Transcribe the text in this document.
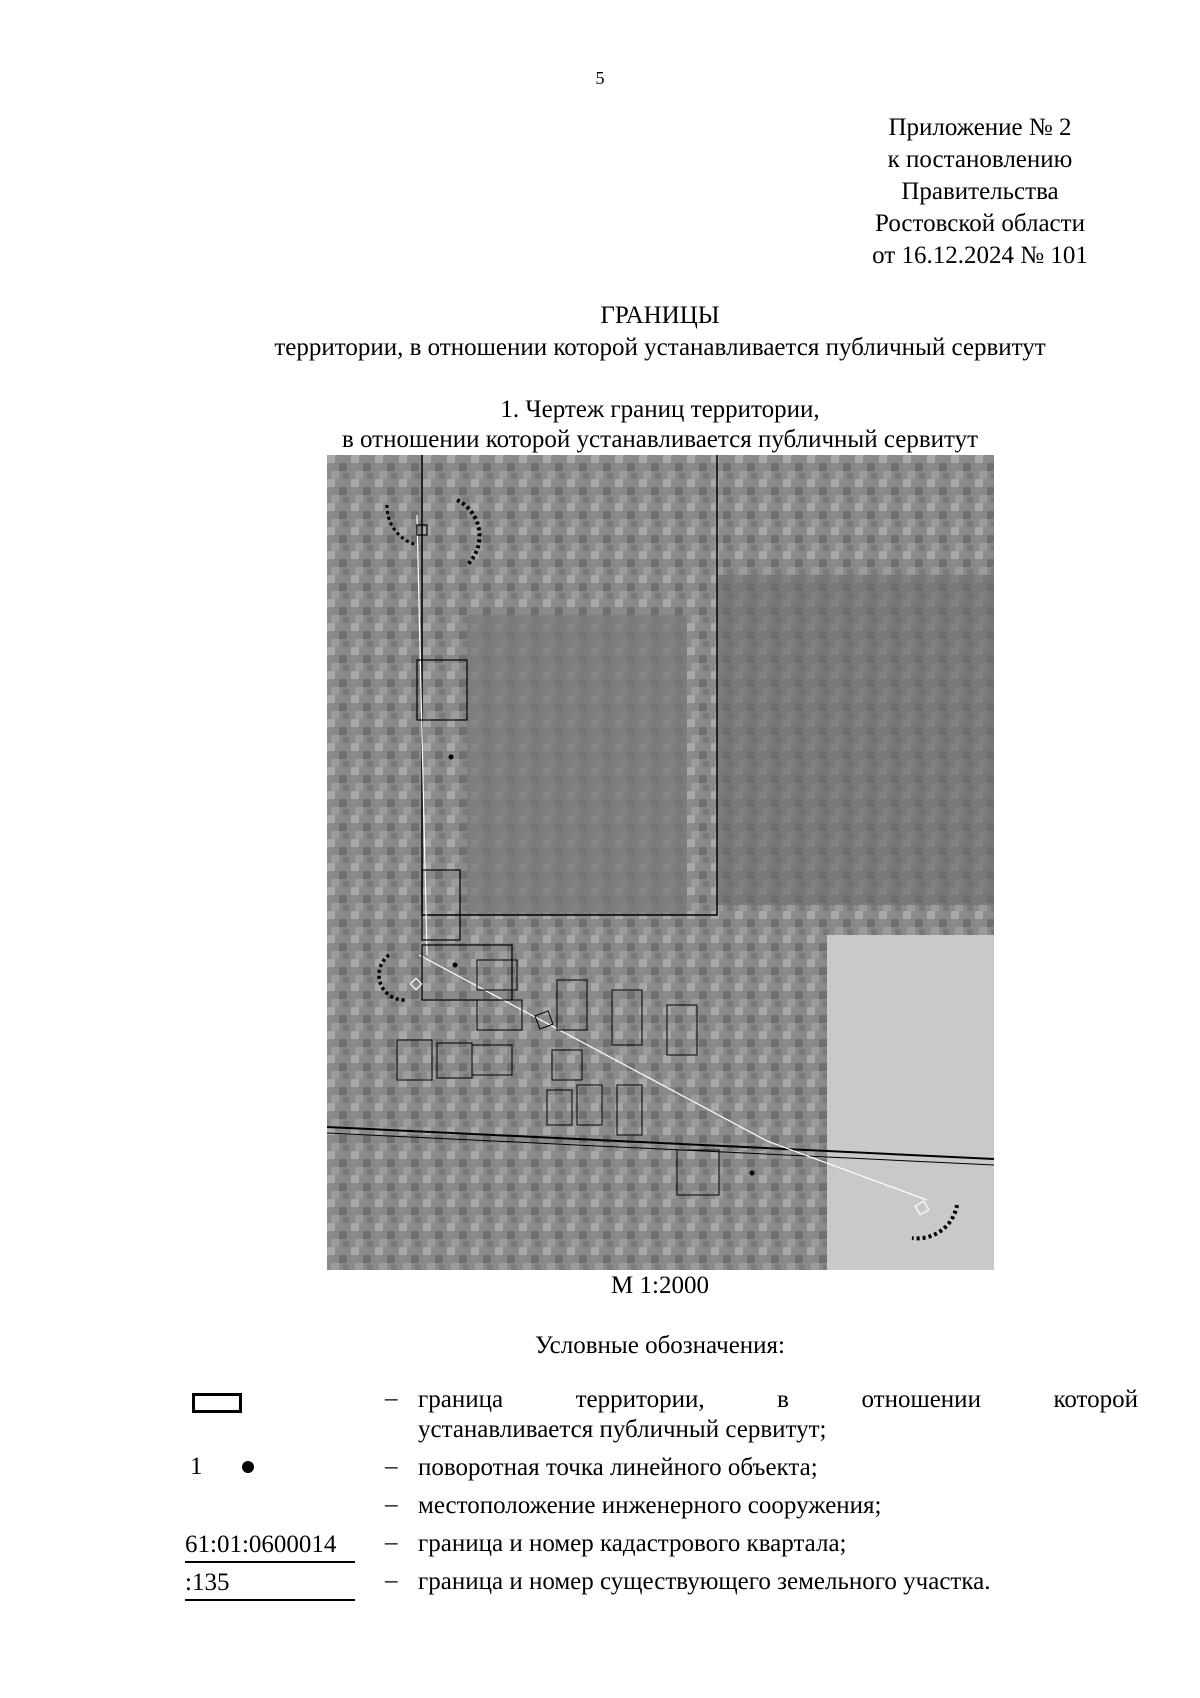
5
Приложение № 2
к постановлению
Правительства
Ростовской области
от 16.12.2024 № 101
ГРАНИЦЫ
территории, в отношении которой устанавливается публичный сервитут
1. Чертеж границ территории,
в отношении которой устанавливается публичный сервитут
М 1:2000
Условные обозначения:
– граница территории, в отношении которой
устанавливается публичный сервитут;
1	– поворотная точка линейного объекта;
– местоположение инженерного сооружения;
61:01:0600014	– граница и номер кадастрового квартала;
:135	– граница и номер существующего земельного участка.
